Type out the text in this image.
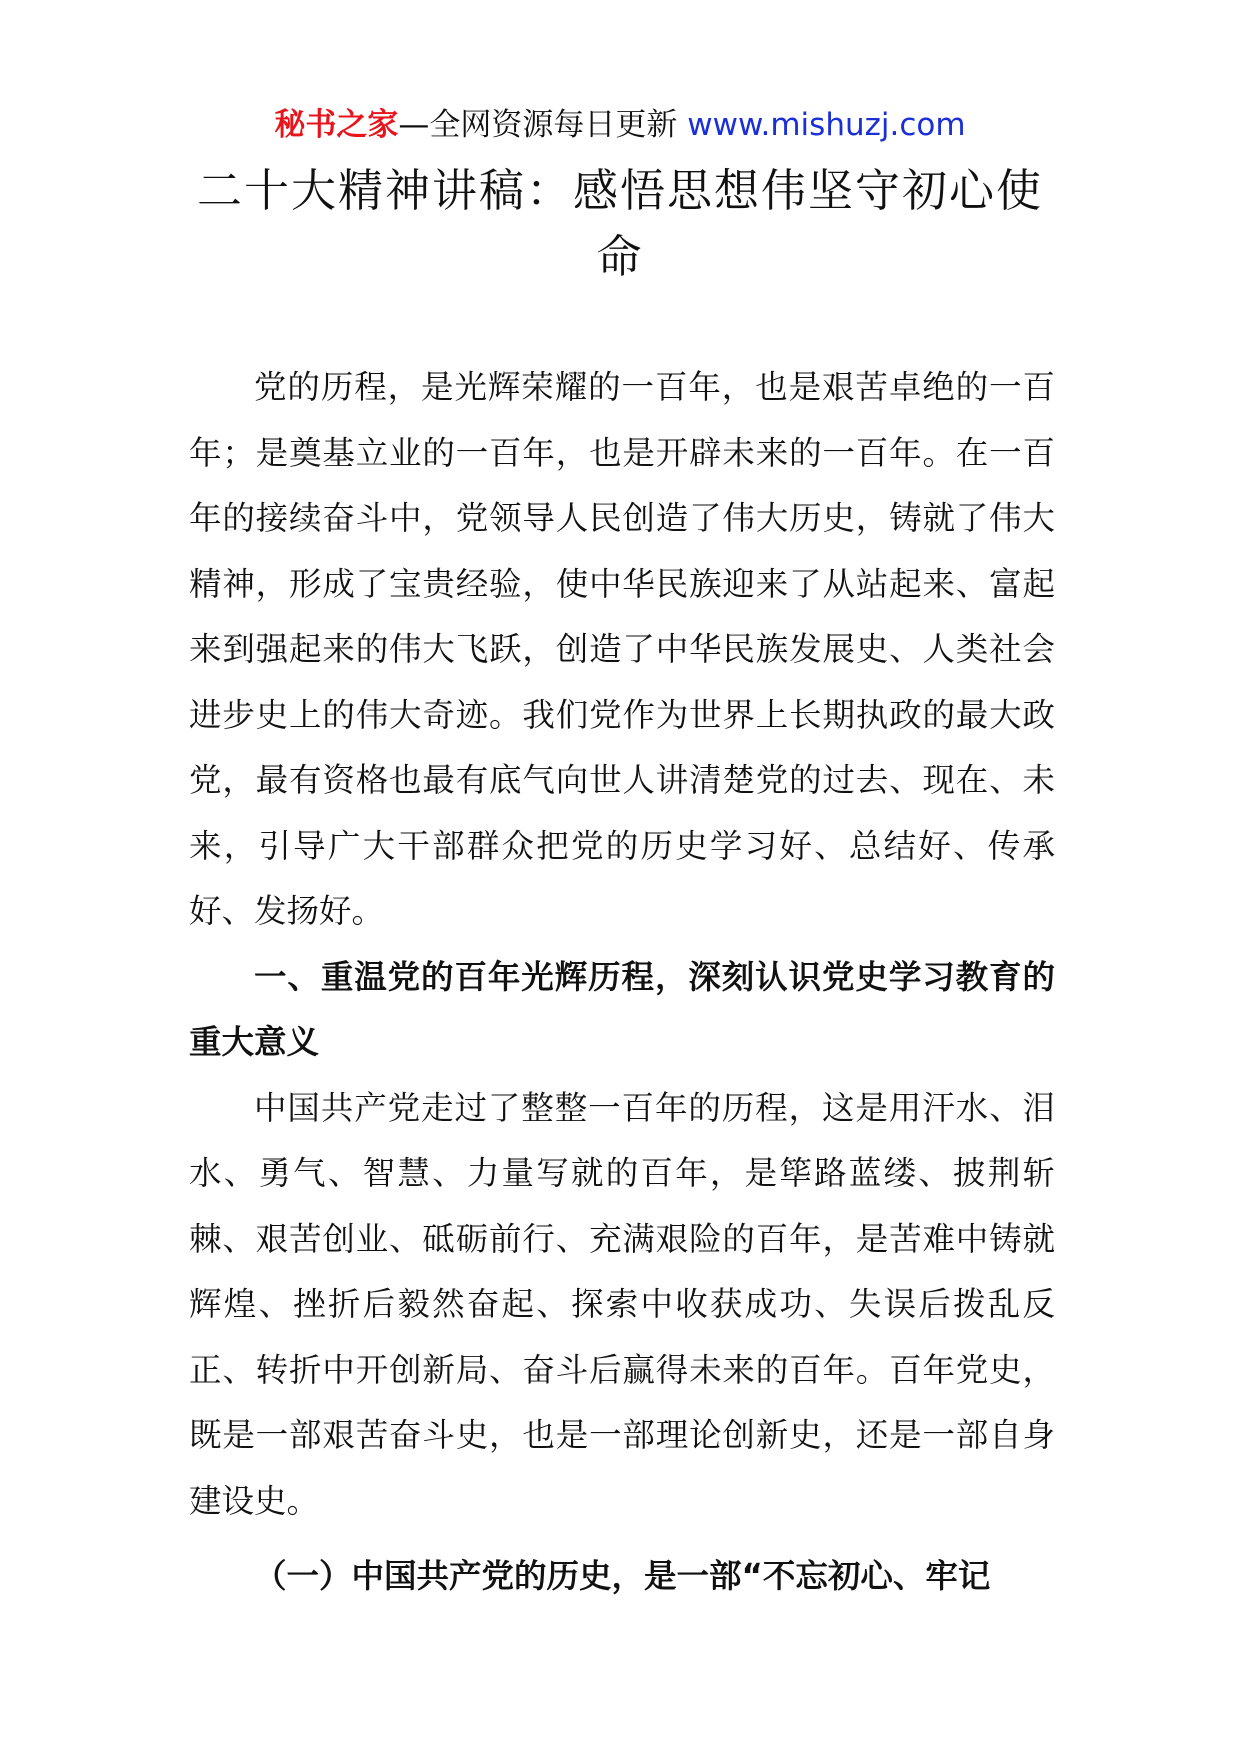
秘书之家—全网资源每日更新 www.mishuzj.com
二十大精神讲稿：感悟思想伟坚守初心使命

党的历程，是光辉荣耀的一百年，也是艰苦卓绝的一百年；是奠基立业的一百年，也是开辟未来的一百年。在一百年的接续奋斗中，党领导人民创造了伟大历史，铸就了伟大精神，形成了宝贵经验，使中华民族迎来了从站起来、富起来到强起来的伟大飞跃，创造了中华民族发展史、人类社会进步史上的伟大奇迹。我们党作为世界上长期执政的最大政党，最有资格也最有底气向世人讲清楚党的过去、现在、未来，引导广大干部群众把党的历史学习好、总结好、传承好、发扬好。

一、重温党的百年光辉历程，深刻认识党史学习教育的重大意义

中国共产党走过了整整一百年的历程，这是用汗水、泪水、勇气、智慧、力量写就的百年，是筚路蓝缕、披荆斩棘、艰苦创业、砥砺前行、充满艰险的百年，是苦难中铸就辉煌、挫折后毅然奋起、探索中收获成功、失误后拨乱反正、转折中开创新局、奋斗后赢得未来的百年。百年党史，既是一部艰苦奋斗史，也是一部理论创新史，还是一部自身建设史。

（一）中国共产党的历史，是一部“不忘初心、牢记
